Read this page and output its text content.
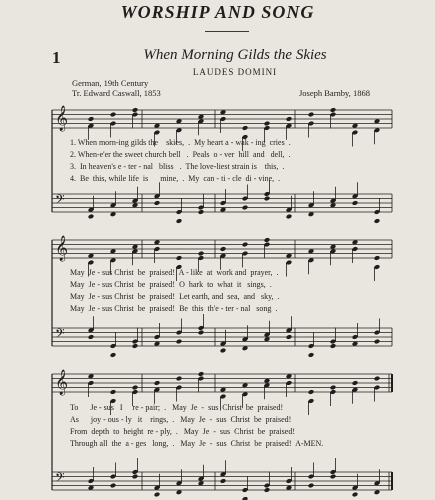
WORSHIP AND SONG
1	When Morning Gilds the Skies
LAUDES DOMINI
German, 19th Century
Tr. Edward Caswall, 1853	Joseph Barnby, 1868
𝄞
𝄢
𝄞
𝄢
𝄞
𝄢
1. When morn-ing gilds the    skies,  .  My heart a - wak - ing  cries  .
2. When-e'er the sweet church bell   .  Peals  o - ver  hill  and   dell,  .
3.  In heaven's e - ter - nal   bliss   .  The love-liest strain is    this,  .
4.  Be  this, while life  is      mine,  .  My  can - ti - cle  di - vine,  .
May  Je - sus Christ  be  praised!  A - like  at  work and  prayer,  .
May  Je - sus Christ  be  praised!  O  hark  to  what  it   sings,  .
May  Je - sus Christ  be  praised!  Let earth, and  sea,  and   sky,  .
May  Je - sus Christ  be  praised!  Be  this  th'e - ter - nal   song  .
To      Je - sus   I     re - pair;  .   May  Je  -  sus  Christ  be  praised!
As      joy - ous - ly   it    rings,  .   May  Je  -  sus  Christ  be  praised!
From  depth  to  height  re - ply,  .   May  Je  -  sus  Christ  be  praised!
Through all  the  a - ges   long,  .   May  Je  -  sus  Christ  be  praised!  A-MEN.
